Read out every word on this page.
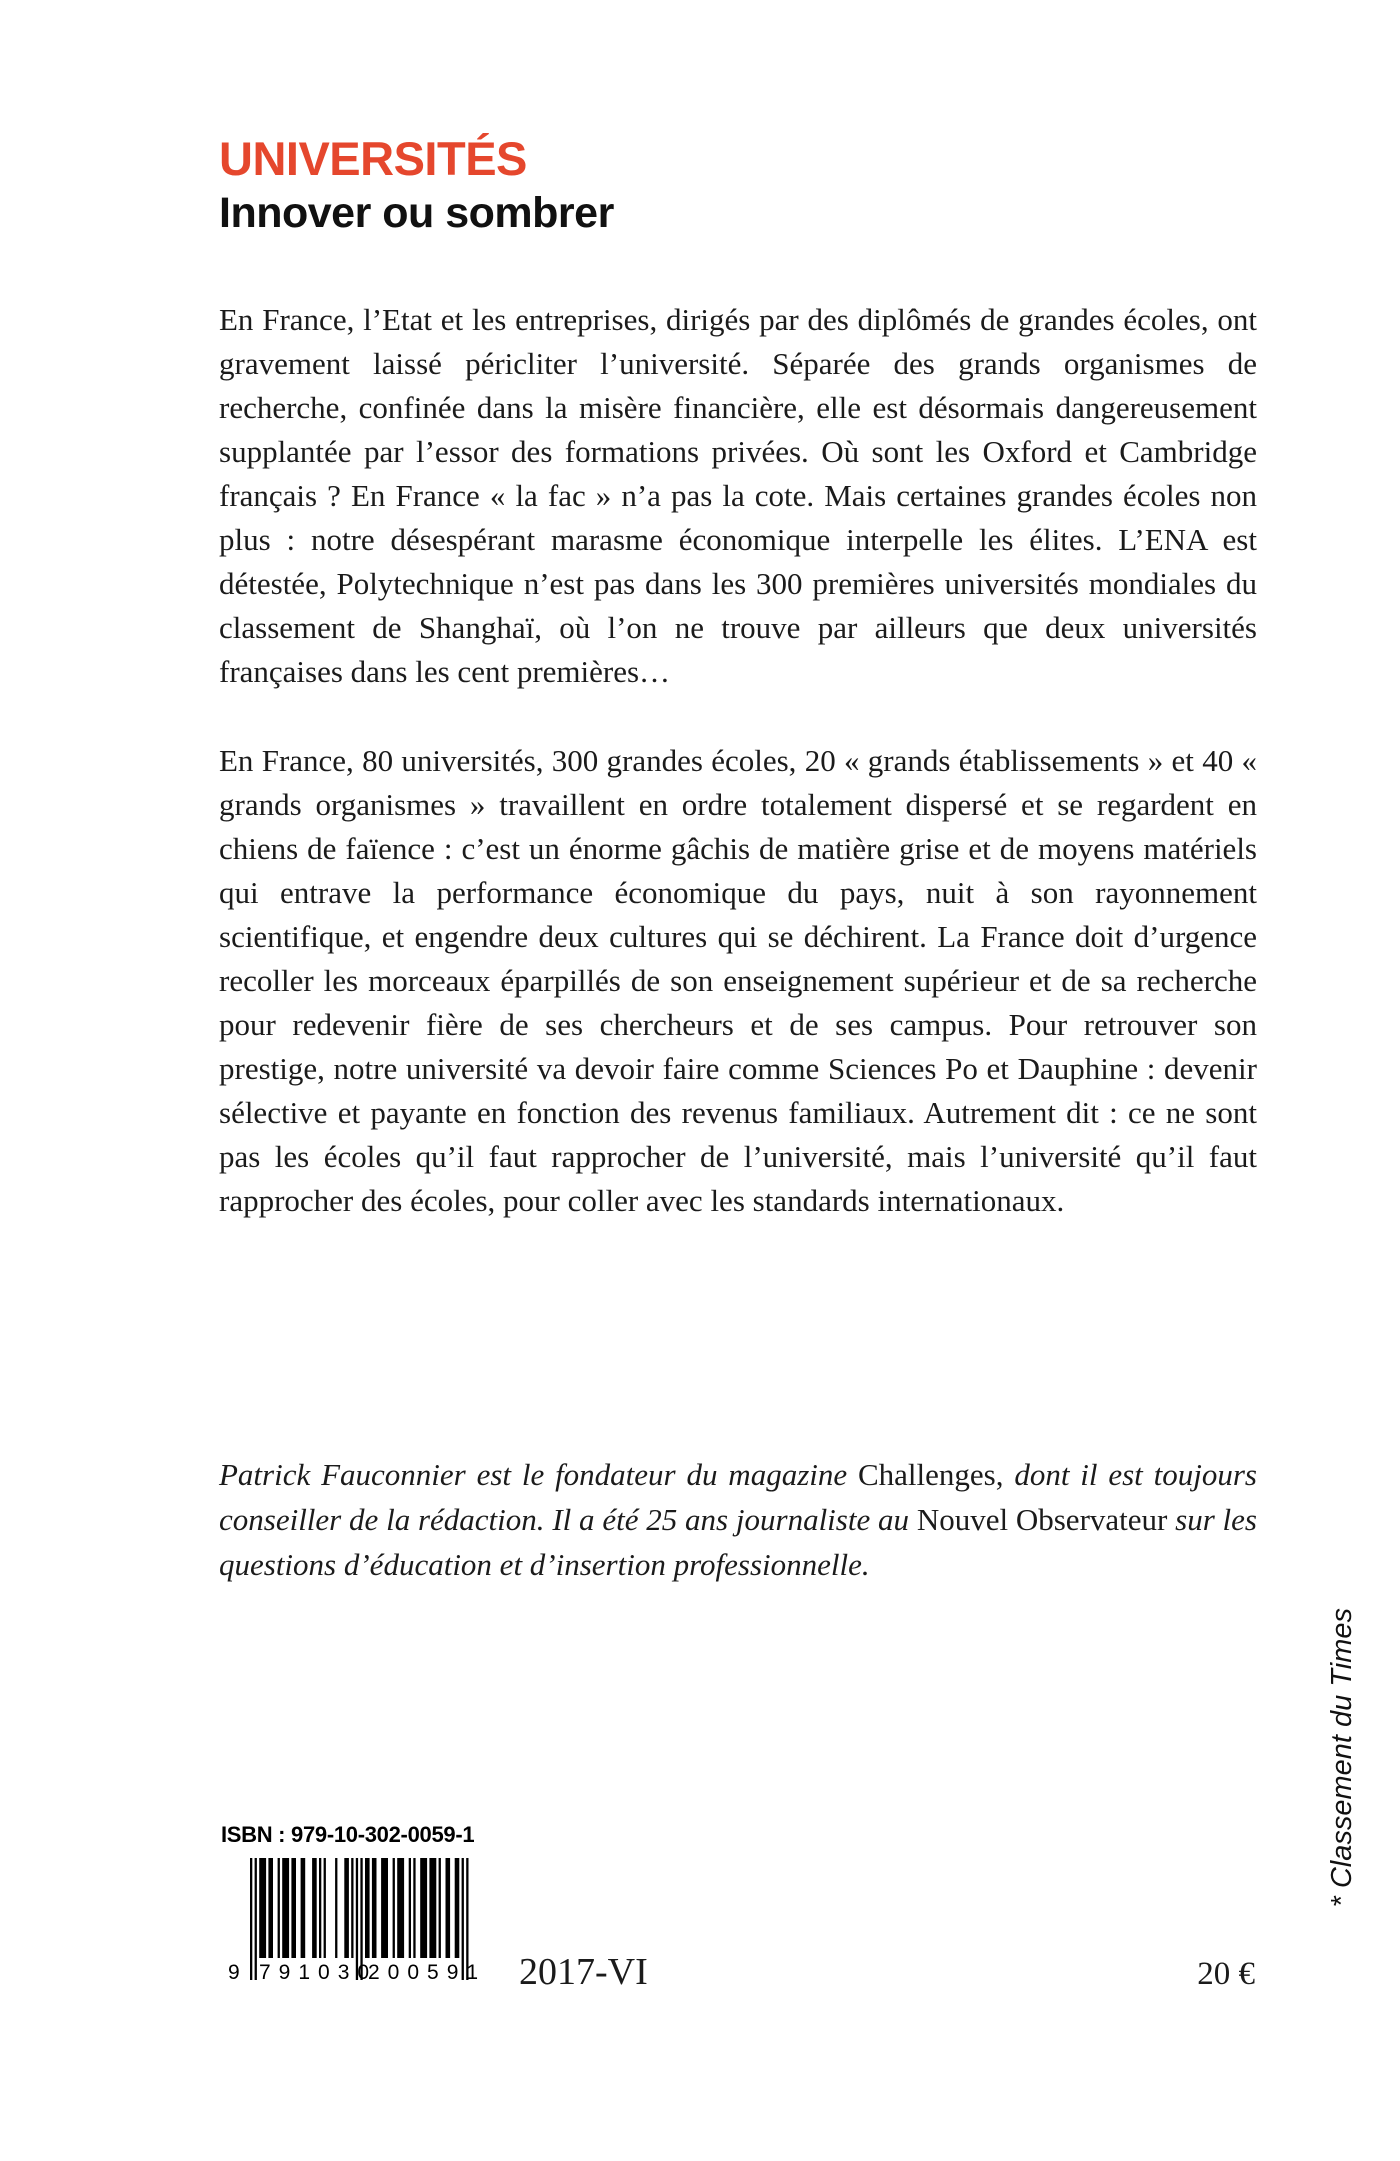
UNIVERSITÉS
Innover ou sombrer

En France, l’Etat et les entreprises, dirigés par des diplômés de grandes écoles, ont gravement laissé péricliter l’université. Séparée des grands organismes de recherche, confinée dans la misère financière, elle est désormais dangereusement supplantée par l’essor des formations privées. Où sont les Oxford et Cambridge français ? En France « la fac » n’a pas la cote. Mais certaines grandes écoles non plus : notre désespérant marasme économique interpelle les élites. L’ENA est détestée, Polytechnique n’est pas dans les 300 premières universités mondiales du classement de Shanghaï, où l’on ne trouve par ailleurs que deux universités françaises dans les cent premières…

En France, 80 universités, 300 grandes écoles, 20 « grands établissements » et 40 « grands organismes » travaillent en ordre totalement dispersé et se regardent en chiens de faïence : c’est un énorme gâchis de matière grise et de moyens matériels qui entrave la performance économique du pays, nuit à son rayonnement scientifique, et engendre deux cultures qui se déchirent. La France doit d’urgence recoller les morceaux éparpillés de son enseignement supérieur et de sa recherche pour redevenir fière de ses chercheurs et de ses campus. Pour retrouver son prestige, notre université va devoir faire comme Sciences Po et Dauphine : devenir sélective et payante en fonction des revenus familiaux. Autrement dit : ce ne sont pas les écoles qu’il faut rapprocher de l’université, mais l’université qu’il faut rapprocher des écoles, pour coller avec les standards internationaux.

Patrick Fauconnier est le fondateur du magazine Challenges, dont il est toujours conseiller de la rédaction. Il a été 25 ans journaliste au Nouvel Observateur sur les questions d’éducation et d’insertion professionnelle.
* Classement du Times
ISBN : 979-10-302-0059-1
9 791030
200591 2017-VI	20 €
